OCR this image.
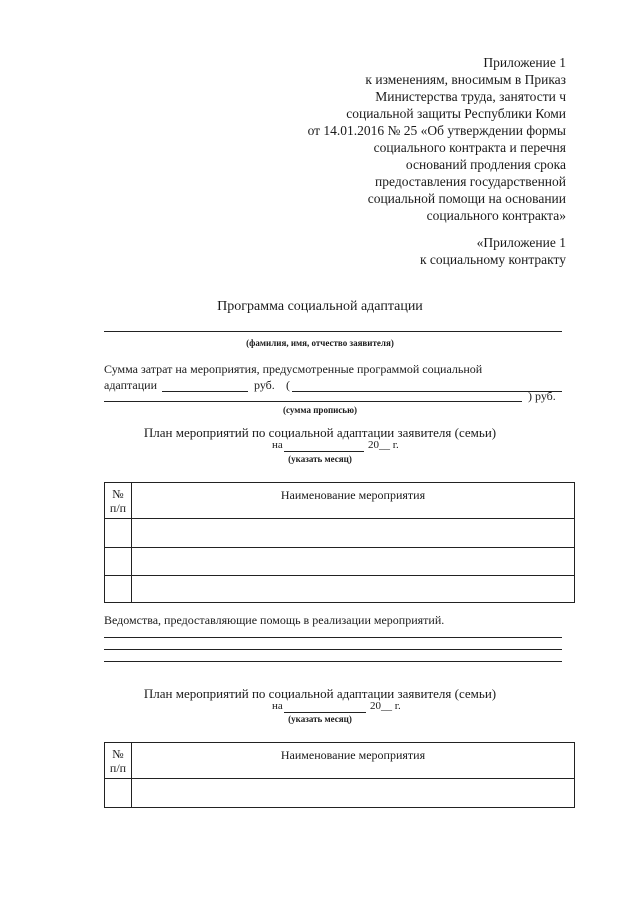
Приложение 1
к изменениям, вносимым в Приказ
Министерства труда, занятости ч
социальной защиты Республики Коми
от 14.01.2016 № 25 «Об утверждении формы
социального контракта и перечня
оснований продления срока
предоставления государственной
социальной помощи на основании
социального контракта»
«Приложение 1
к социальному контракту
Программа социальной адаптации
(фамилия, имя, отчество заявителя)
Сумма затрат на мероприятия, предусмотренные программой социальной
адаптации	руб. (
) руб.
(сумма прописью)
План мероприятий по социальной адаптации заявителя (семьи)
на	20__ г.
(указать месяц)
№
п/п	Наименование мероприятия

Ведомства, предоставляющие помощь в реализации мероприятий.
План мероприятий по социальной адаптации заявителя (семьи)
на	20__ г.
(указать месяц)
№
п/п	Наименование мероприятия
